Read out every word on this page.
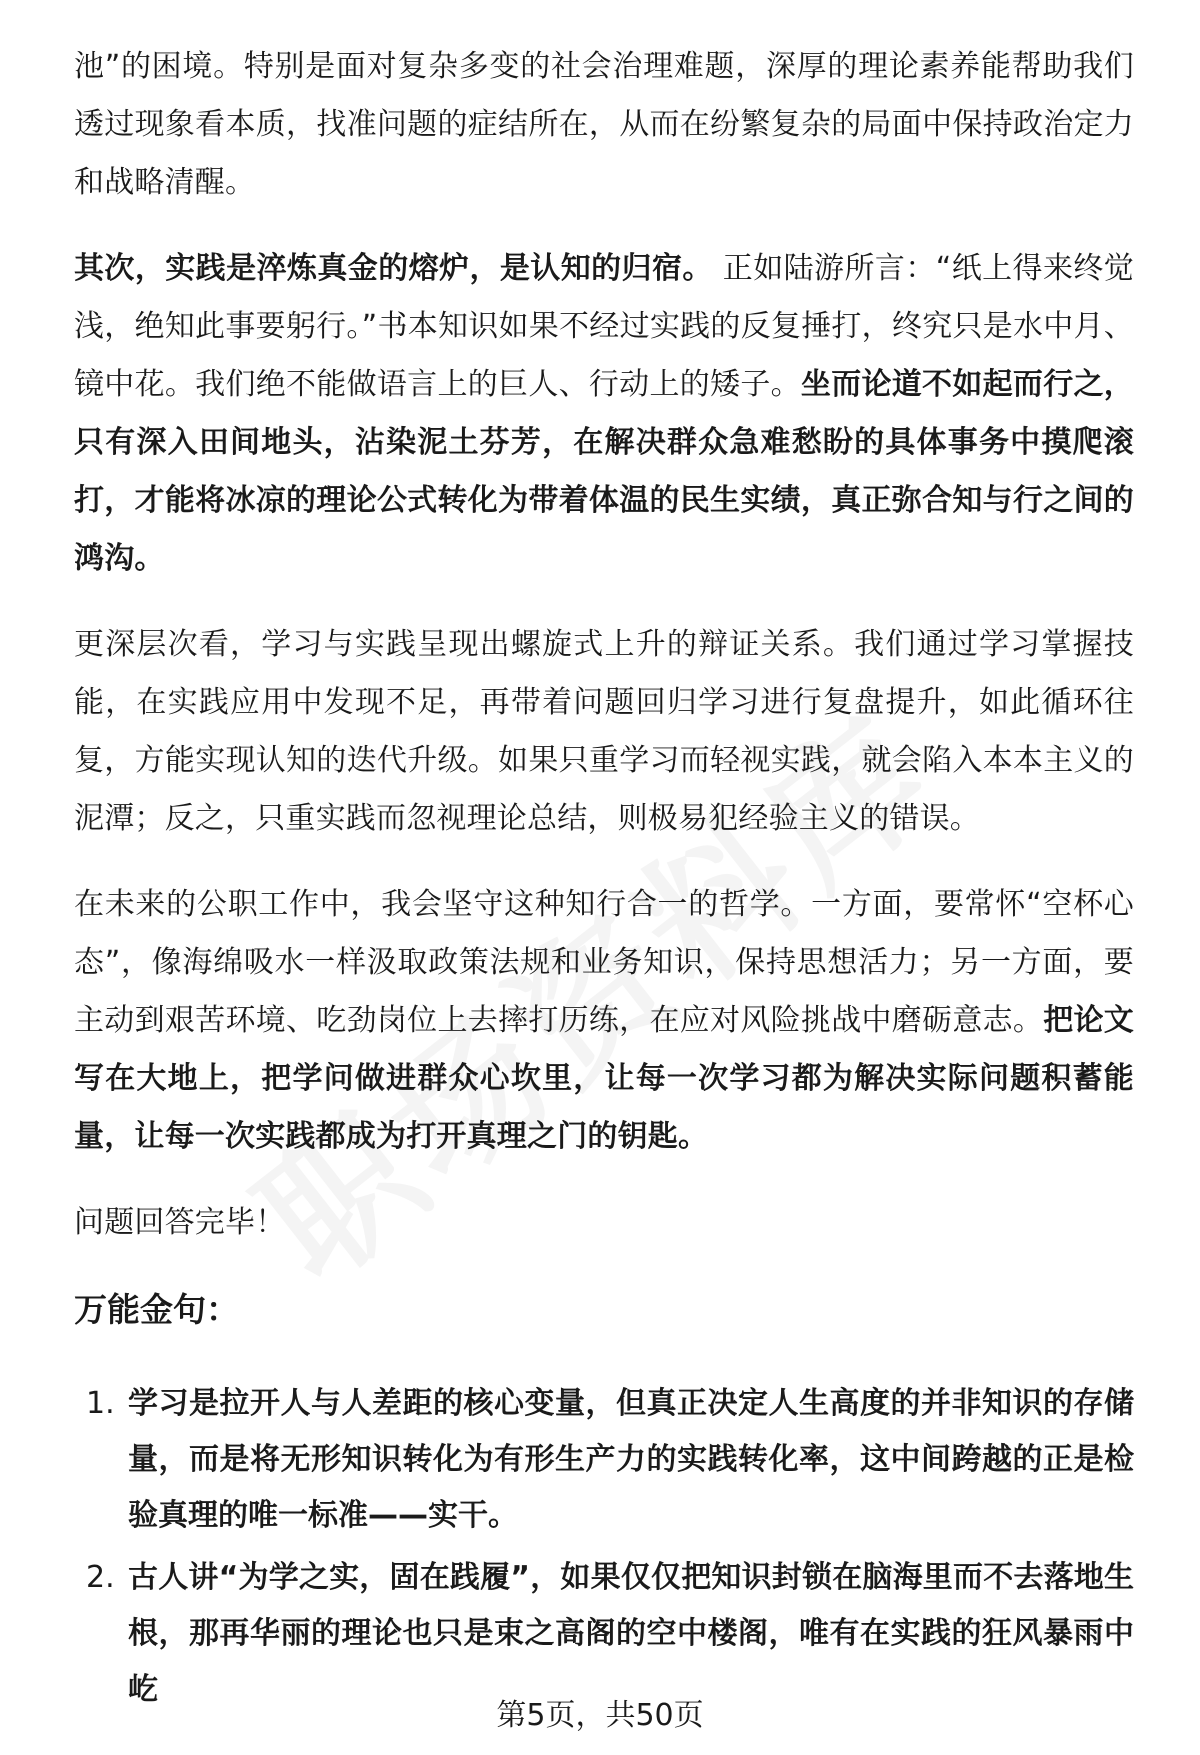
池”的困境。特别是面对复杂多变的社会治理难题，深厚的理论素养能帮助我们透过现象看本质，找准问题的症结所在，从而在纷繁复杂的局面中保持政治定力和战略清醒。

其次，实践是淬炼真金的熔炉，是认知的归宿。 正如陆游所言：“纸上得来终觉浅，绝知此事要躬行。”书本知识如果不经过实践的反复捶打，终究只是水中月、镜中花。我们绝不能做语言上的巨人、行动上的矮子。坐而论道不如起而行之，只有深入田间地头，沾染泥土芬芳，在解决群众急难愁盼的具体事务中摸爬滚打，才能将冰凉的理论公式转化为带着体温的民生实绩，真正弥合知与行之间的鸿沟。

更深层次看，学习与实践呈现出螺旋式上升的辩证关系。我们通过学习掌握技能，在实践应用中发现不足，再带着问题回归学习进行复盘提升，如此循环往复，方能实现认知的迭代升级。如果只重学习而轻视实践，就会陷入本本主义的泥潭；反之，只重实践而忽视理论总结，则极易犯经验主义的错误。

在未来的公职工作中，我会坚守这种知行合一的哲学。一方面，要常怀“空杯心态”，像海绵吸水一样汲取政策法规和业务知识，保持思想活力；另一方面，要主动到艰苦环境、吃劲岗位上去摔打历练，在应对风险挑战中磨砺意志。把论文写在大地上，把学问做进群众心坎里，让每一次学习都为解决实际问题积蓄能量，让每一次实践都成为打开真理之门的钥匙。

问题回答完毕！

万能金句：
1. 学习是拉开人与人差距的核心变量，但真正决定人生高度的并非知识的存储量，而是将无形知识转化为有形生产力的实践转化率，这中间跨越的正是检验真理的唯一标准——实干。
2. 古人讲“为学之实，固在践履”，如果仅仅把知识封锁在脑海里而不去落地生根，那再华丽的理论也只是束之高阁的空中楼阁，唯有在实践的狂风暴雨中屹
第5页，共50页
